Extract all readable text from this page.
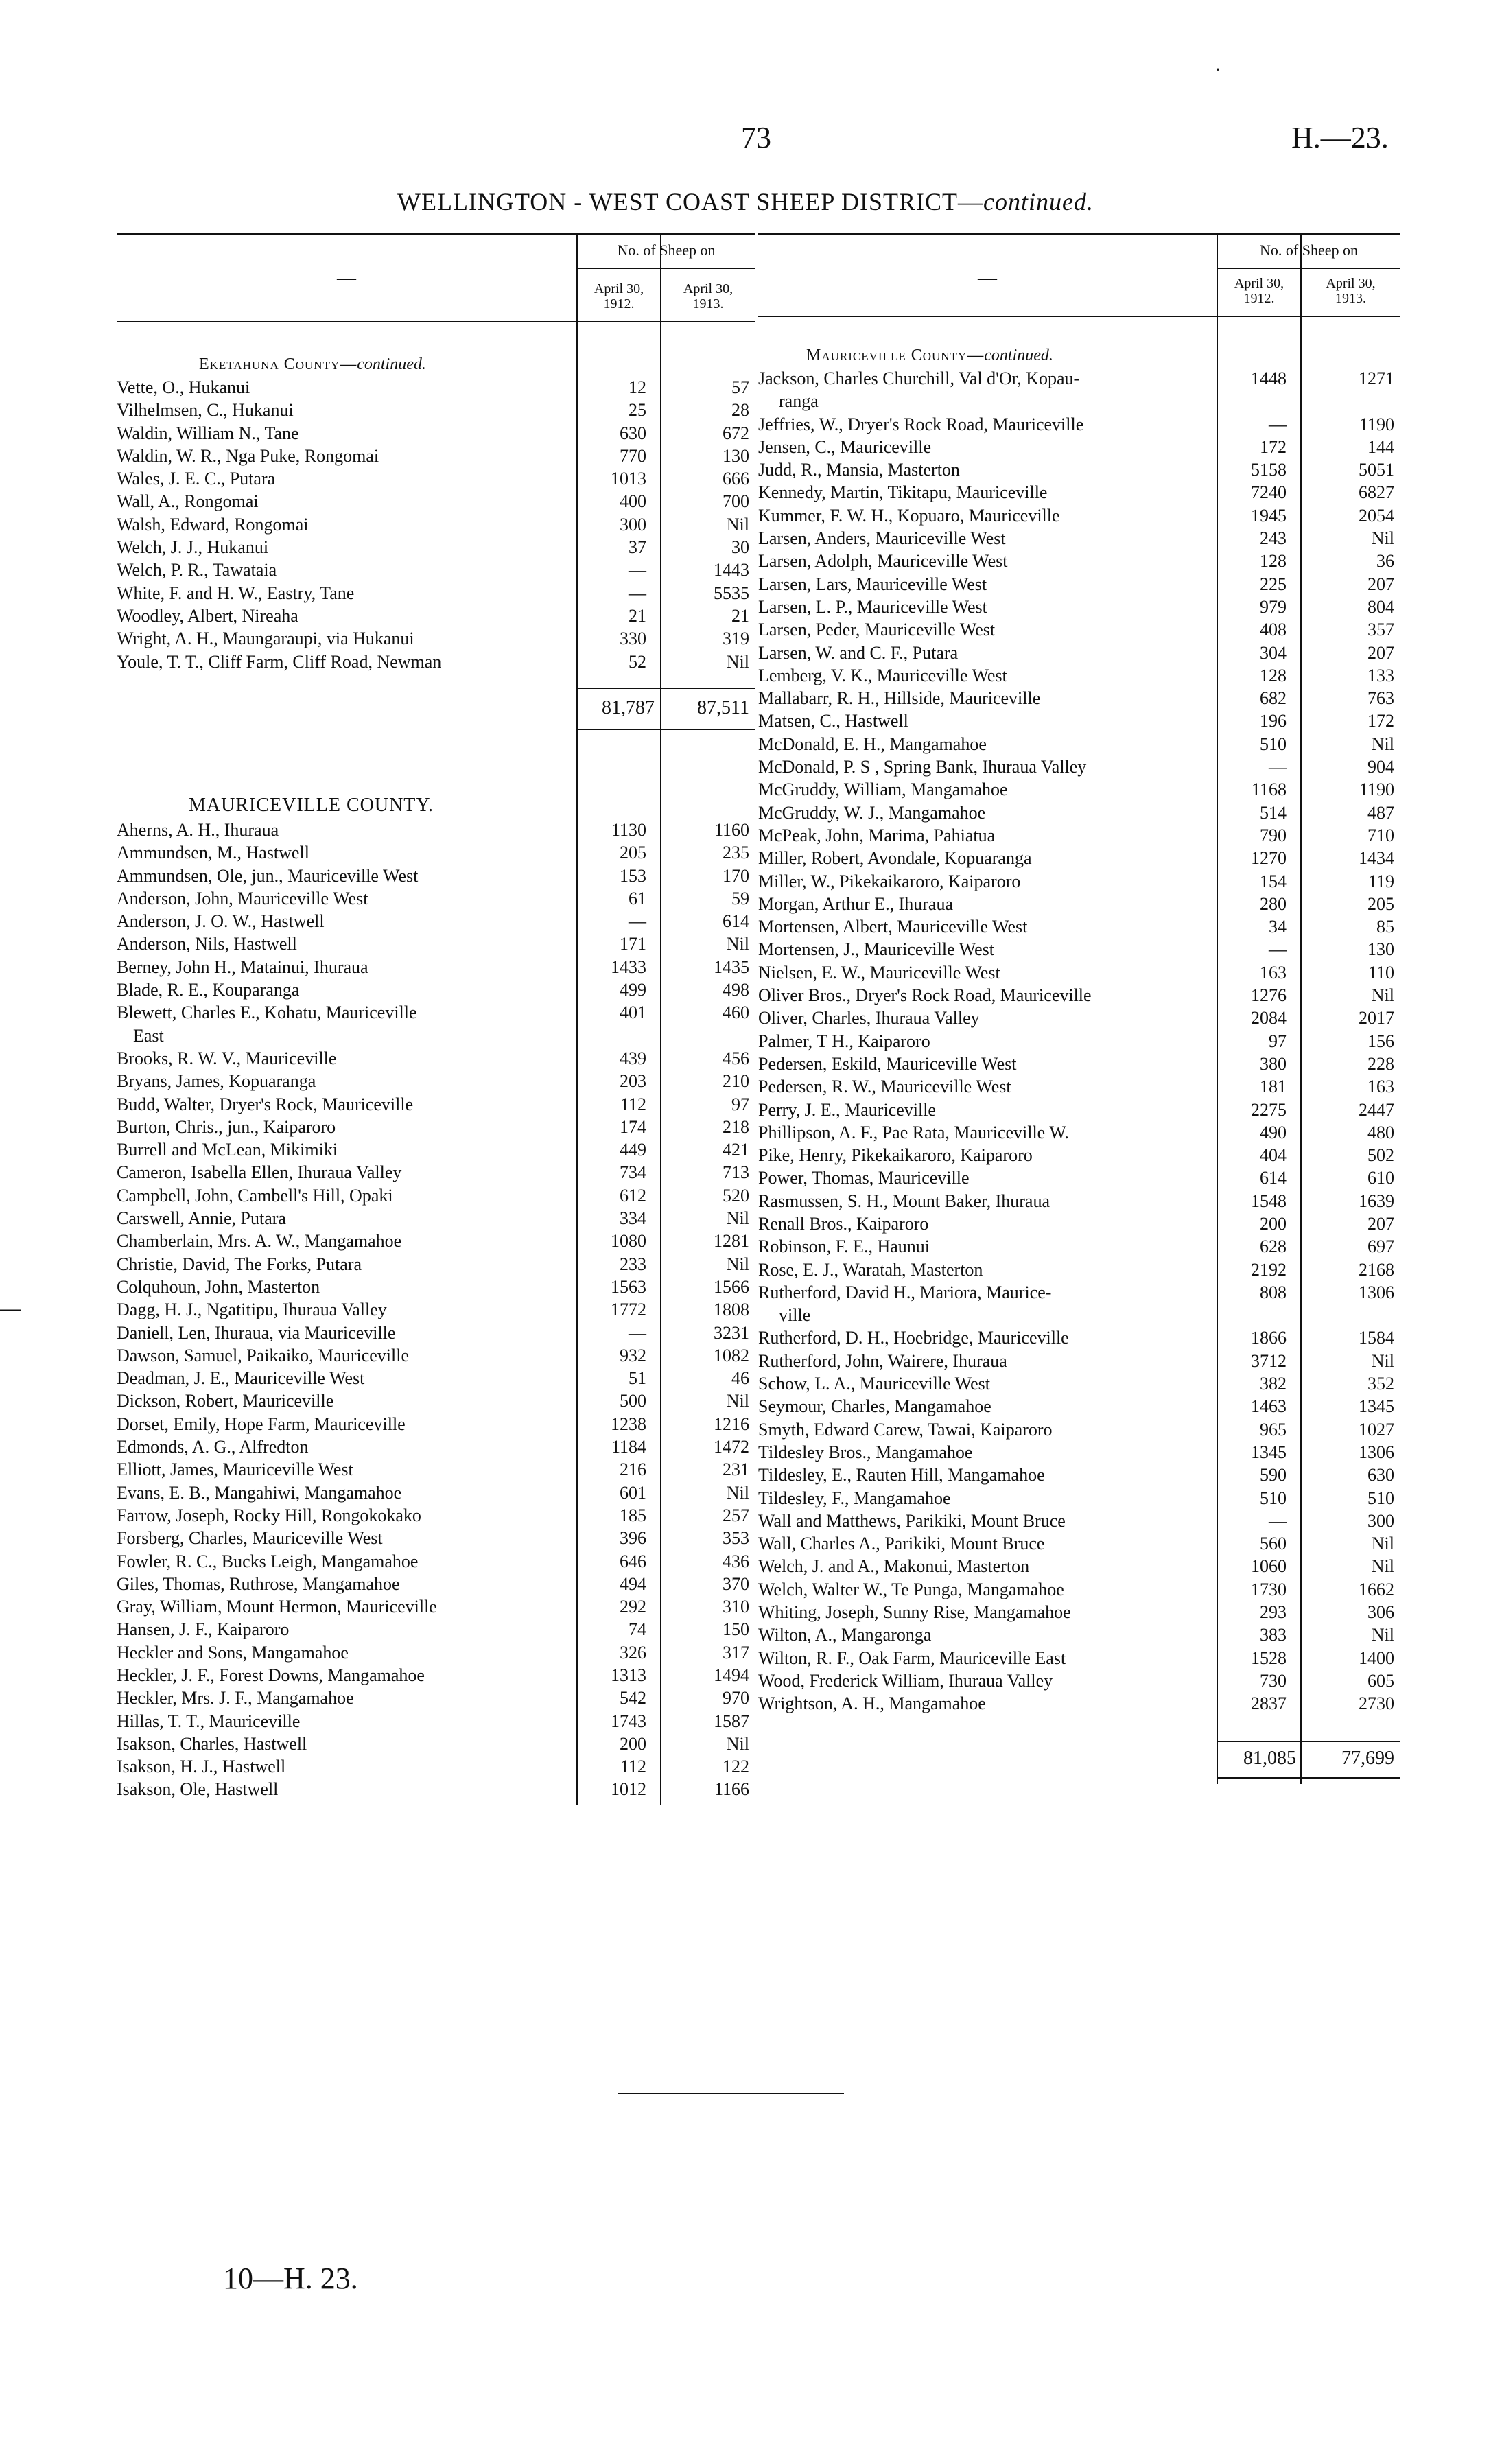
·
—
73	H.—23.
WELLINGTON - WEST COAST SHEEP DISTRICT—continued.
No. of Sheep on
—	April 30,
1912.
April 30,
1913.
Eketahuna County—continued.
Vette, O., Hukanui	12	57
Vilhelmsen, C., Hukanui	25	28
Waldin, William N., Tane	630	672
Waldin, W. R., Nga Puke, Rongomai	770	130
Wales, J. E. C., Putara	1013	666
Wall, A., Rongomai	400	700
Walsh, Edward, Rongomai	300	Nil
Welch, J. J., Hukanui	37	30
Welch, P. R., Tawataia	—	1443
White, F. and H. W., Eastry, Tane	—	5535
Woodley, Albert, Nireaha	21	21
Wright, A. H., Maungaraupi, via Hukanui	330	319
Youle, T. T., Cliff Farm, Cliff Road, Newman	52	Nil
81,787	87,511
MAURICEVILLE COUNTY.
Aherns, A. H., Ihuraua	1130	1160
Ammundsen, M., Hastwell	205	235
Ammundsen, Ole, jun., Mauriceville West	153	170
Anderson, John, Mauriceville West	61	59
Anderson, J. O. W., Hastwell	—	614
Anderson, Nils, Hastwell	171	Nil
Berney, John H., Matainui, Ihuraua	1433	1435
Blade, R. E., Kouparanga	499	498
Blewett, Charles E., Kohatu, Mauriceville	401	460
East
Brooks, R. W. V., Mauriceville	439	456
Bryans, James, Kopuaranga	203	210
Budd, Walter, Dryer's Rock, Mauriceville	112	97
Burton, Chris., jun., Kaiparoro	174	218
Burrell and McLean, Mikimiki	449	421
Cameron, Isabella Ellen, Ihuraua Valley	734	713
Campbell, John, Cambell's Hill, Opaki	612	520
Carswell, Annie, Putara	334	Nil
Chamberlain, Mrs. A. W., Mangamahoe	1080	1281
Christie, David, The Forks, Putara	233	Nil
Colquhoun, John, Masterton	1563	1566
Dagg, H. J., Ngatitipu, Ihuraua Valley	1772	1808
Daniell, Len, Ihuraua, via Mauriceville	—	3231
Dawson, Samuel, Paikaiko, Mauriceville	932	1082
Deadman, J. E., Mauriceville West	51	46
Dickson, Robert, Mauriceville	500	Nil
Dorset, Emily, Hope Farm, Mauriceville	1238	1216
Edmonds, A. G., Alfredton	1184	1472
Elliott, James, Mauriceville West	216	231
Evans, E. B., Mangahiwi, Mangamahoe	601	Nil
Farrow, Joseph, Rocky Hill, Rongokokako	185	257
Forsberg, Charles, Mauriceville West	396	353
Fowler, R. C., Bucks Leigh, Mangamahoe	646	436
Giles, Thomas, Ruthrose, Mangamahoe	494	370
Gray, William, Mount Hermon, Mauriceville	292	310
Hansen, J. F., Kaiparoro	74	150
Heckler and Sons, Mangamahoe	326	317
Heckler, J. F., Forest Downs, Mangamahoe	1313	1494
Heckler, Mrs. J. F., Mangamahoe	542	970
Hillas, T. T., Mauriceville	1743	1587
Isakson, Charles, Hastwell	200	Nil
Isakson, H. J., Hastwell	112	122
Isakson, Ole, Hastwell	1012	1166
No. of Sheep on
—	April 30,
1912.
April 30,
1913.
Mauriceville County—continued.
Jackson, Charles Churchill, Val d'Or, Kopau-	1448	1271
ranga
Jeffries, W., Dryer's Rock Road, Mauriceville	—	1190
Jensen, C., Mauriceville	172	144
Judd, R., Mansia, Masterton	5158	5051
Kennedy, Martin, Tikitapu, Mauriceville	7240	6827
Kummer, F. W. H., Kopuaro, Mauriceville	1945	2054
Larsen, Anders, Mauriceville West	243	Nil
Larsen, Adolph, Mauriceville West	128	36
Larsen, Lars, Mauriceville West	225	207
Larsen, L. P., Mauriceville West	979	804
Larsen, Peder, Mauriceville West	408	357
Larsen, W. and C. F., Putara	304	207
Lemberg, V. K., Mauriceville West	128	133
Mallabarr, R. H., Hillside, Mauriceville	682	763
Matsen, C., Hastwell	196	172
McDonald, E. H., Mangamahoe	510	Nil
McDonald, P. S , Spring Bank, Ihuraua Valley	—	904
McGruddy, William, Mangamahoe	1168	1190
McGruddy, W. J., Mangamahoe	514	487
McPeak, John, Marima, Pahiatua	790	710
Miller, Robert, Avondale, Kopuaranga	1270	1434
Miller, W., Pikekaikaroro, Kaiparoro	154	119
Morgan, Arthur E., Ihuraua	280	205
Mortensen, Albert, Mauriceville West	34	85
Mortensen, J., Mauriceville West	—	130
Nielsen, E. W., Mauriceville West	163	110
Oliver Bros., Dryer's Rock Road, Mauriceville	1276	Nil
Oliver, Charles, Ihuraua Valley	2084	2017
Palmer, T H., Kaiparoro	97	156
Pedersen, Eskild, Mauriceville West	380	228
Pedersen, R. W., Mauriceville West	181	163
Perry, J. E., Mauriceville	2275	2447
Phillipson, A. F., Pae Rata, Mauriceville W.	490	480
Pike, Henry, Pikekaikaroro, Kaiparoro	404	502
Power, Thomas, Mauriceville	614	610
Rasmussen, S. H., Mount Baker, Ihuraua	1548	1639
Renall Bros., Kaiparoro	200	207
Robinson, F. E., Haunui	628	697
Rose, E. J., Waratah, Masterton	2192	2168
Rutherford, David H., Mariora, Maurice-	808	1306
ville
Rutherford, D. H., Hoebridge, Mauriceville	1866	1584
Rutherford, John, Wairere, Ihuraua	3712	Nil
Schow, L. A., Mauriceville West	382	352
Seymour, Charles, Mangamahoe	1463	1345
Smyth, Edward Carew, Tawai, Kaiparoro	965	1027
Tildesley Bros., Mangamahoe	1345	1306
Tildesley, E., Rauten Hill, Mangamahoe	590	630
Tildesley, F., Mangamahoe	510	510
Wall and Matthews, Parikiki, Mount Bruce	—	300
Wall, Charles A., Parikiki, Mount Bruce	560	Nil
Welch, J. and A., Makonui, Masterton	1060	Nil
Welch, Walter W., Te Punga, Mangamahoe	1730	1662
Whiting, Joseph, Sunny Rise, Mangamahoe	293	306
Wilton, A., Mangaronga	383	Nil
Wilton, R. F., Oak Farm, Mauriceville East	1528	1400
Wood, Frederick William, Ihuraua Valley	730	605
Wrightson, A. H., Mangamahoe	2837	2730
81,085	77,699
10—H. 23.
